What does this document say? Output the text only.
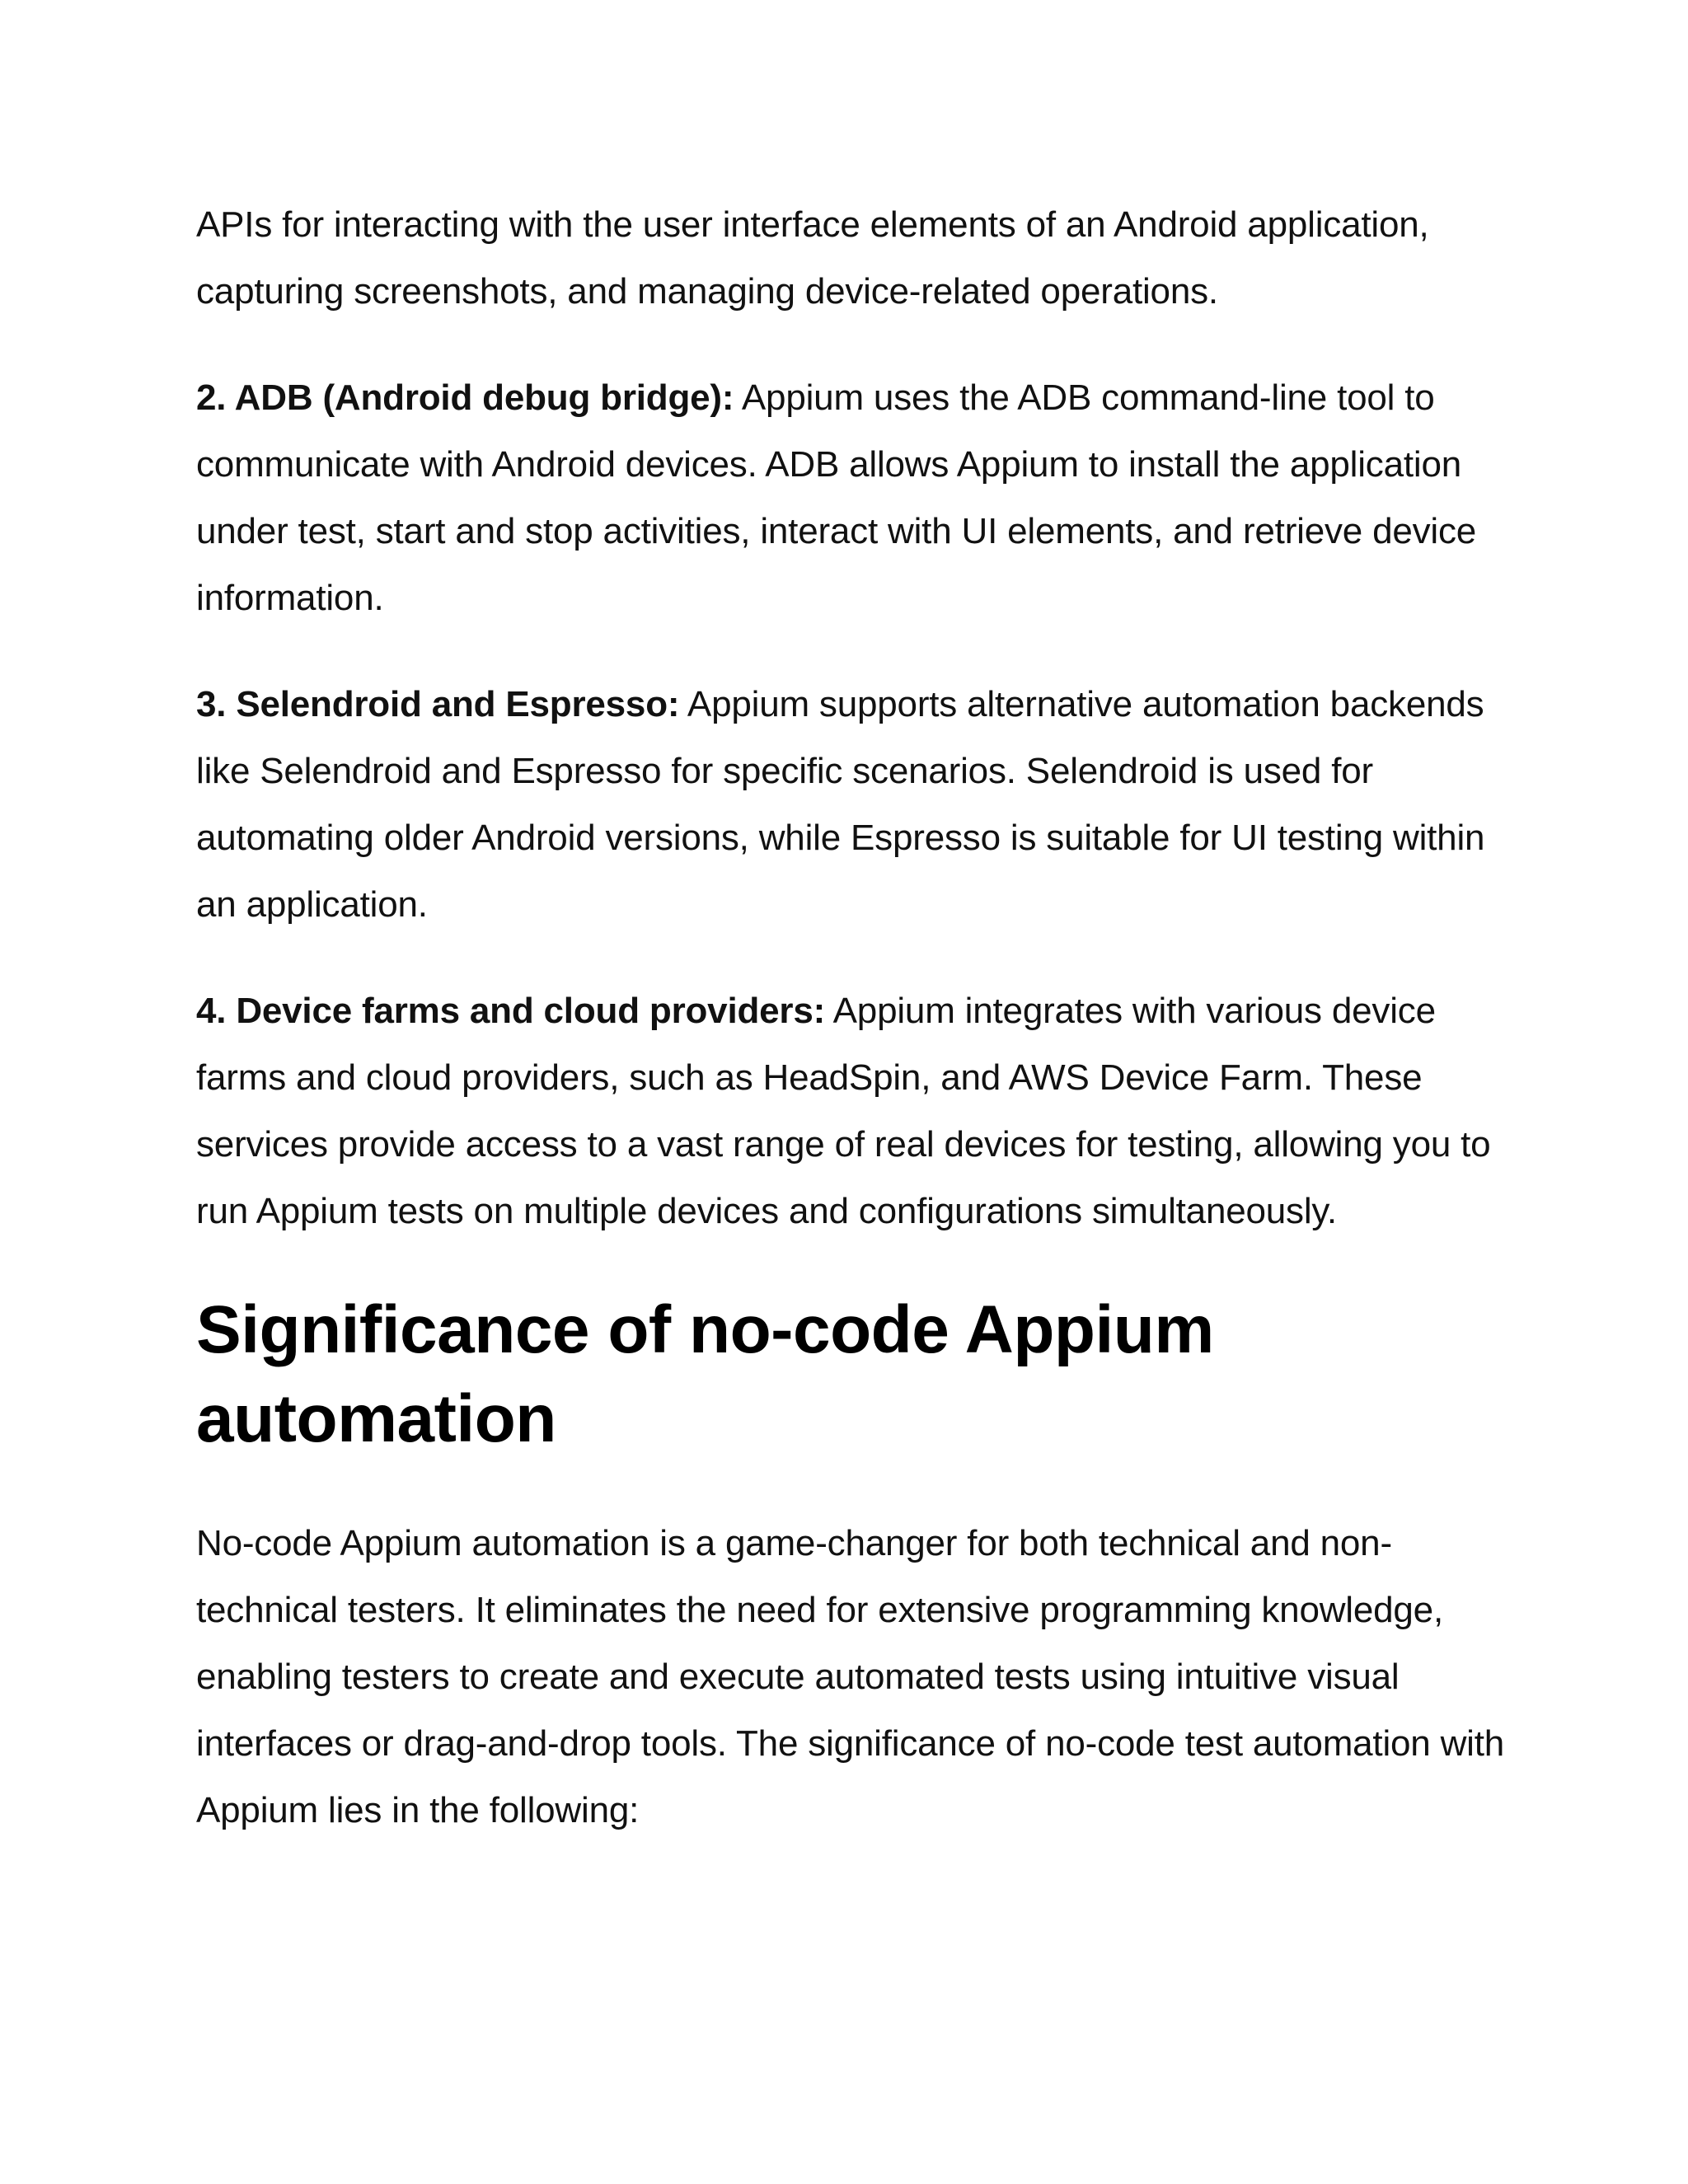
APIs for interacting with the user interface elements of an Android application, capturing screenshots, and managing device-related operations.

2. ADB (Android debug bridge): Appium uses the ADB command-line tool to communicate with Android devices. ADB allows Appium to install the application under test, start and stop activities, interact with UI elements, and retrieve device information.

3. Selendroid and Espresso: Appium supports alternative automation backends like Selendroid and Espresso for specific scenarios. Selendroid is used for automating older Android versions, while Espresso is suitable for UI testing within an application.

4. Device farms and cloud providers: Appium integrates with various device farms and cloud providers, such as HeadSpin, and AWS Device Farm. These services provide access to a vast range of real devices for testing, allowing you to run Appium tests on multiple devices and configurations simultaneously.

Significance of no-code Appium automation

No-code Appium automation is a game-changer for both technical and non-technical testers. It eliminates the need for extensive programming knowledge, enabling testers to create and execute automated tests using intuitive visual interfaces or drag-and-drop tools. The significance of no-code test automation with Appium lies in the following:
